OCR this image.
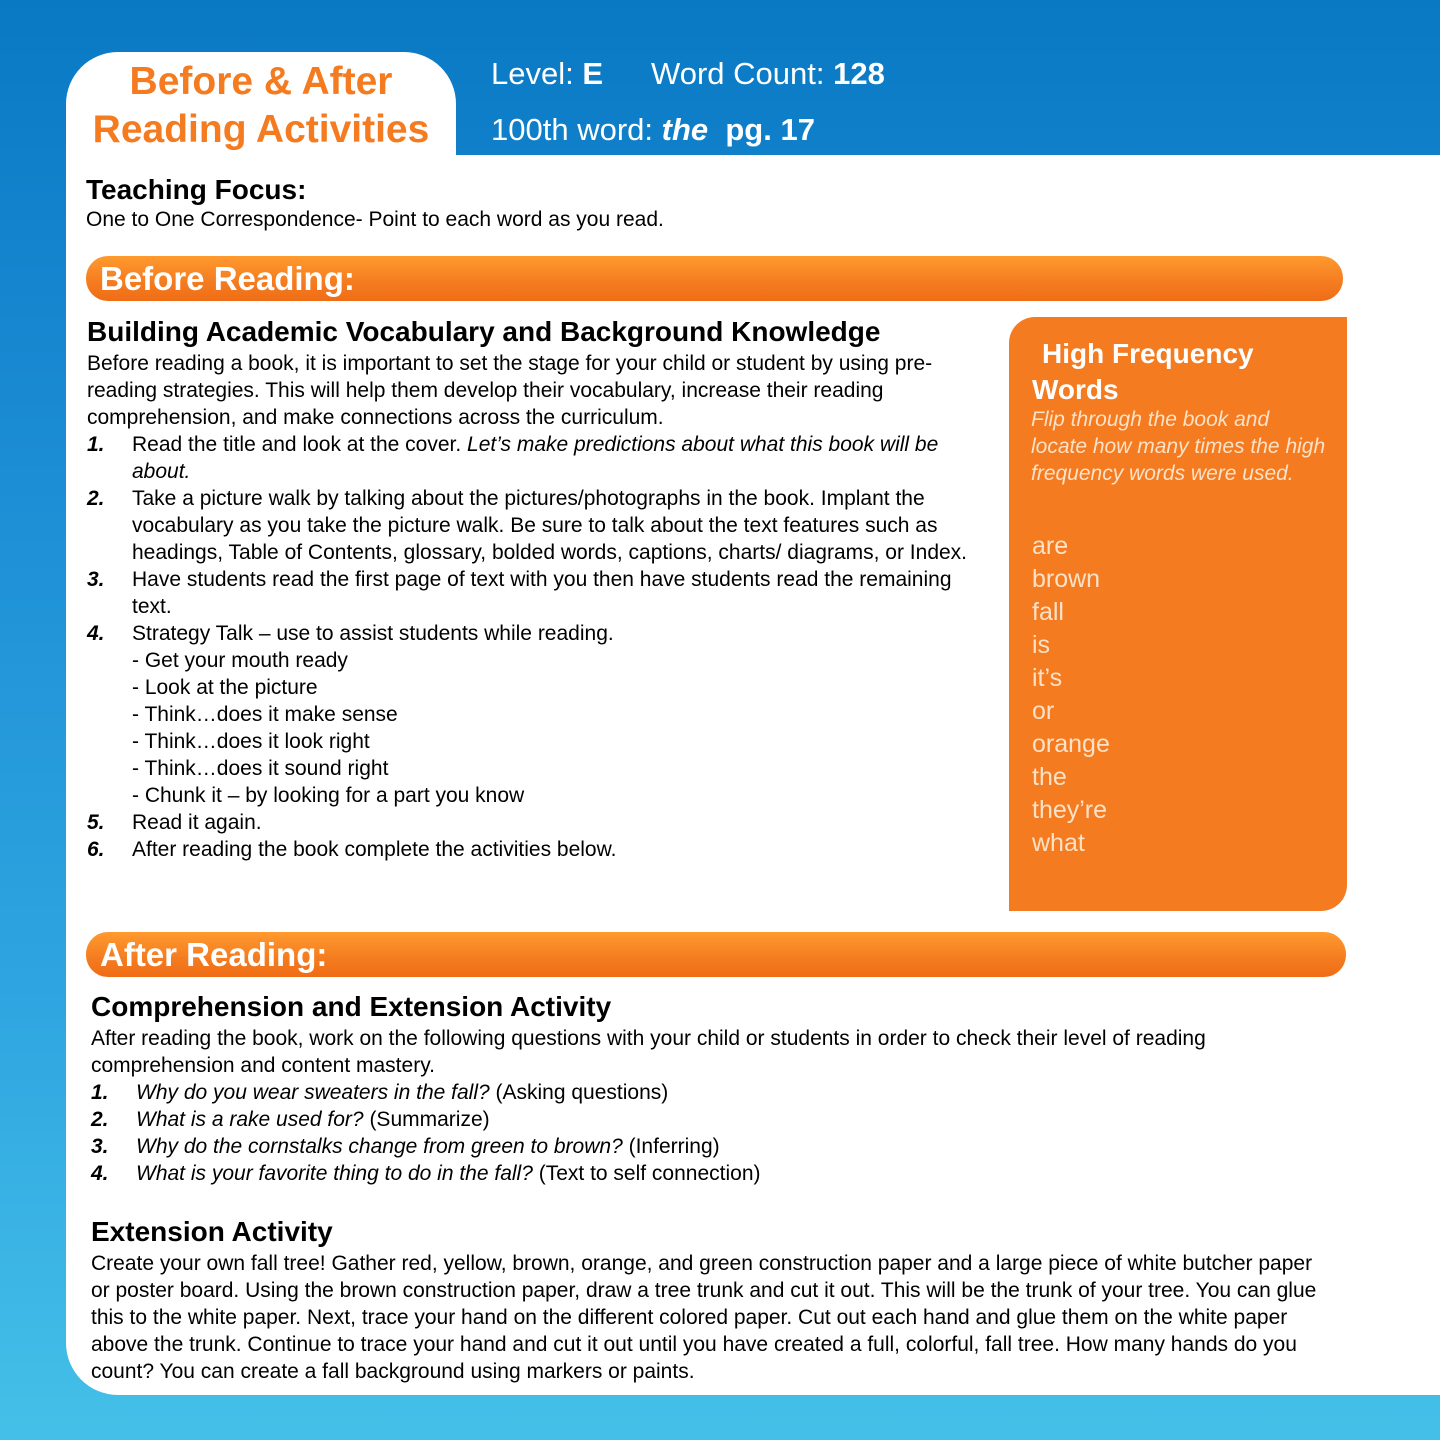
Before & After
Reading Activities
Level: E Word Count: 128
100th word: the pg. 17
Teaching Focus:
One to One Correspondence- Point to each word as you read.
Before Reading:
Building Academic Vocabulary and Background Knowledge

Before reading a book, it is important to set the stage for your child or student by using pre-reading strategies. This will help them develop their vocabulary, increase their reading comprehension, and make connections across the curriculum.

1. Read the title and look at the cover. Let’s make predictions about what this book will be about.
2. Take a picture walk by talking about the pictures/photographs in the book. Implant the vocabulary as you take the picture walk. Be sure to talk about the text features such as headings, Table of Contents, glossary, bolded words, captions, charts/ diagrams, or Index.
3. Have students read the first page of text with you then have students read the remaining text.
4. Strategy Talk – use to assist students while reading.
- Get your mouth ready
- Look at the picture
- Think…does it make sense
- Think…does it look right
- Think…does it sound right
- Chunk it – by looking for a part you know
5. Read it again.
6. After reading the book complete the activities below.
High Frequency
Words
Flip through the book and locate how many times the high frequency words were used.
are
brown
fall
is
it’s
or
orange
the
they’re
what
After Reading:
Comprehension and Extension Activity

After reading the book, work on the following questions with your child or students in order to check their level of reading comprehension and content mastery.

1. Why do you wear sweaters in the fall? (Asking questions)
2. What is a rake used for? (Summarize)
3. Why do the cornstalks change from green to brown? (Inferring)
4. What is your favorite thing to do in the fall? (Text to self connection)
Extension Activity
Create your own fall tree! Gather red, yellow, brown, orange, and green construction paper and a large piece of white butcher paper or poster board. Using the brown construction paper, draw a tree trunk and cut it out. This will be the trunk of your tree. You can glue this to the white paper. Next, trace your hand on the different colored paper. Cut out each hand and glue them on the white paper above the trunk. Continue to trace your hand and cut it out until you have created a full, colorful, fall tree. How many hands do you count? You can create a fall background using markers or paints.
